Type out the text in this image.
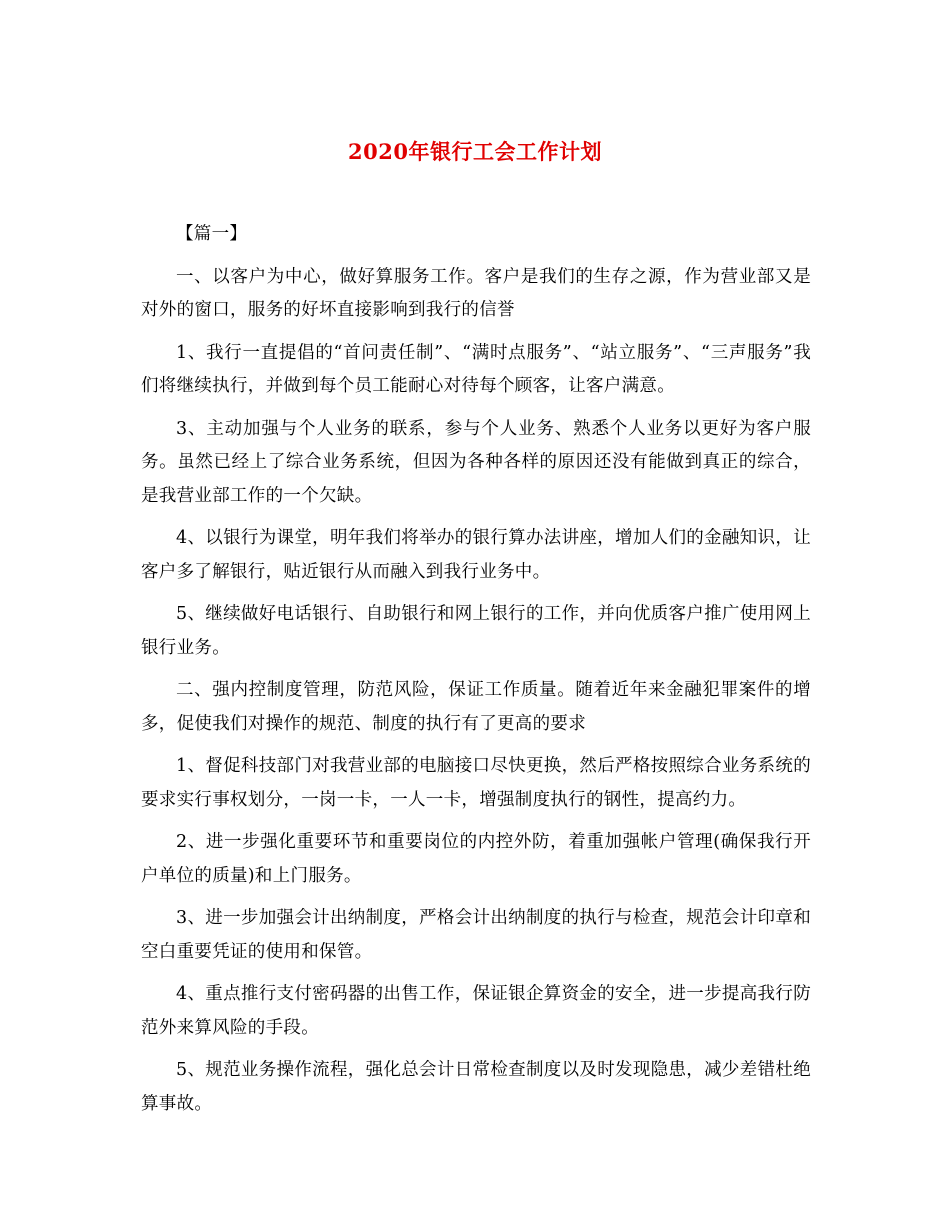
2020年银行工会工作计划

【篇一】

一、以客户为中心，做好算服务工作。客户是我们的生存之源，作为营业部又是对外的窗口，服务的好坏直接影响到我行的信誉

1、我行一直提倡的“首问责任制”、“满时点服务”、“站立服务”、“三声服务”我们将继续执行，并做到每个员工能耐心对待每个顾客，让客户满意。

3、主动加强与个人业务的联系，参与个人业务、熟悉个人业务以更好为客户服务。虽然已经上了综合业务系统，但因为各种各样的原因还没有能做到真正的综合，是我营业部工作的一个欠缺。

4、以银行为课堂，明年我们将举办的银行算办法讲座，增加人们的金融知识，让客户多了解银行，贴近银行从而融入到我行业务中。

5、继续做好电话银行、自助银行和网上银行的工作，并向优质客户推广使用网上银行业务。

二、强内控制度管理，防范风险，保证工作质量。随着近年来金融犯罪案件的增多，促使我们对操作的规范、制度的执行有了更高的要求

1、督促科技部门对我营业部的电脑接口尽快更换，然后严格按照综合业务系统的要求实行事权划分，一岗一卡，一人一卡，增强制度执行的钢性，提高约力。

2、进一步强化重要环节和重要岗位的内控外防，着重加强帐户管理(确保我行开户单位的质量)和上门服务。

3、进一步加强会计出纳制度，严格会计出纳制度的执行与检查，规范会计印章和空白重要凭证的使用和保管。

4、重点推行支付密码器的出售工作，保证银企算资金的安全，进一步提高我行防范外来算风险的手段。

5、规范业务操作流程，强化总会计日常检查制度以及时发现隐患，减少差错杜绝算事故。
